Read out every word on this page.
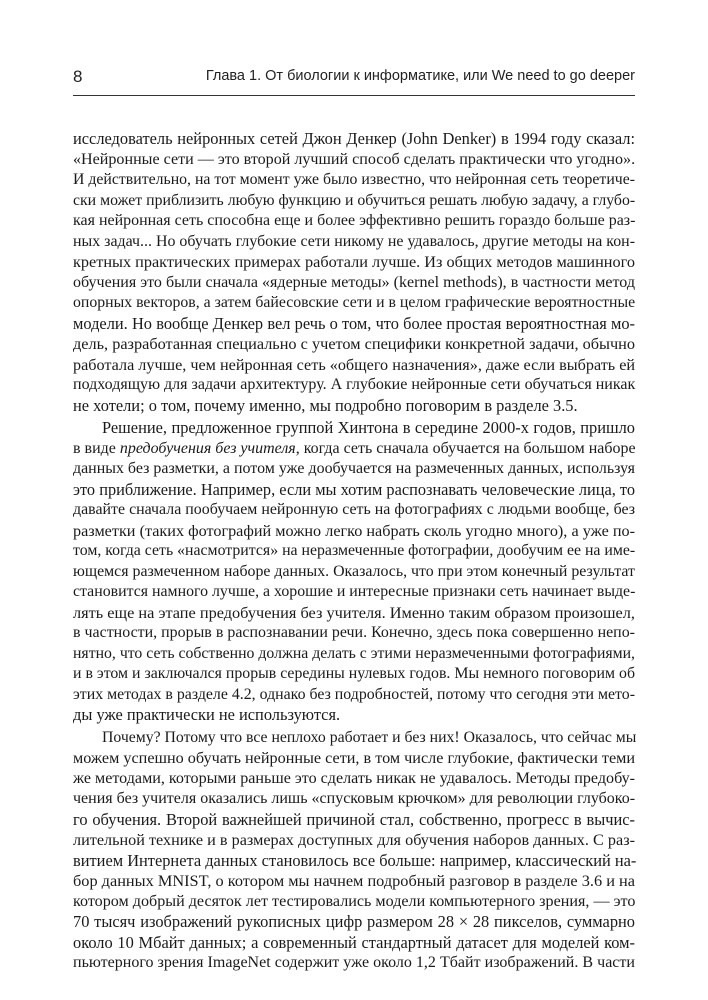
8	Глава 1. От биологии к информатике, или We need to go deeper
исследователь нейронных сетей Джон Денкер (John Denker) в 1994 году сказал:
«Нейронные сети — это второй лучший способ сделать практически что угодно».
И действительно, на тот момент уже было известно, что нейронная сеть теоретиче-
ски может приблизить любую функцию и обучиться решать любую задачу, а глубо-
кая нейронная сеть способна еще и более эффективно решить гораздо больше раз-
ных задач... Но обучать глубокие сети никому не удавалось, другие методы на кон-
кретных практических примерах работали лучше. Из общих методов машинного
обучения это были сначала «ядерные методы» (kernel methods), в частности метод
опорных векторов, а затем байесовские сети и в целом графические вероятностные
модели. Но вообще Денкер вел речь о том, что более простая вероятностная мо-
дель, разработанная специально с учетом специфики конкретной задачи, обычно
работала лучше, чем нейронная сеть «общего назначения», даже если выбрать ей
подходящую для задачи архитектуру. А глубокие нейронные сети обучаться никак
не хотели; о том, почему именно, мы подробно поговорим в разделе 3.5.
Решение, предложенное группой Хинтона в середине 2000-х годов, пришло
в виде предобучения без учителя, когда сеть сначала обучается на большом наборе
данных без разметки, а потом уже дообучается на размеченных данных, используя
это приближение. Например, если мы хотим распознавать человеческие лица, то
давайте сначала пообучаем нейронную сеть на фотографиях с людьми вообще, без
разметки (таких фотографий можно легко набрать сколь угодно много), а уже по-
том, когда сеть «насмотрится» на неразмеченные фотографии, дообучим ее на име-
ющемся размеченном наборе данных. Оказалось, что при этом конечный результат
становится намного лучше, а хорошие и интересные признаки сеть начинает выде-
лять еще на этапе предобучения без учителя. Именно таким образом произошел,
в частности, прорыв в распознавании речи. Конечно, здесь пока совершенно непо-
нятно, что сеть собственно должна делать с этими неразмеченными фотографиями,
и в этом и заключался прорыв середины нулевых годов. Мы немного поговорим об
этих методах в разделе 4.2, однако без подробностей, потому что сегодня эти мето-
ды уже практически не используются.
Почему? Потому что все неплохо работает и без них! Оказалось, что сейчас мы
можем успешно обучать нейронные сети, в том числе глубокие, фактически теми
же методами, которыми раньше это сделать никак не удавалось. Методы предобу-
чения без учителя оказались лишь «спусковым крючком» для революции глубоко-
го обучения. Второй важнейшей причиной стал, собственно, прогресс в вычис-
лительной технике и в размерах доступных для обучения наборов данных. С раз-
витием Интернета данных становилось все больше: например, классический на-
бор данных MNIST, о котором мы начнем подробный разговор в разделе 3.6 и на
котором добрый десяток лет тестировались модели компьютерного зрения, — это
70 тысяч изображений рукописных цифр размером 28 × 28 пикселов, суммарно
около 10 Мбайт данных; а современный стандартный датасет для моделей ком-
пьютерного зрения ImageNet содержит уже около 1,2 Тбайт изображений. В части
